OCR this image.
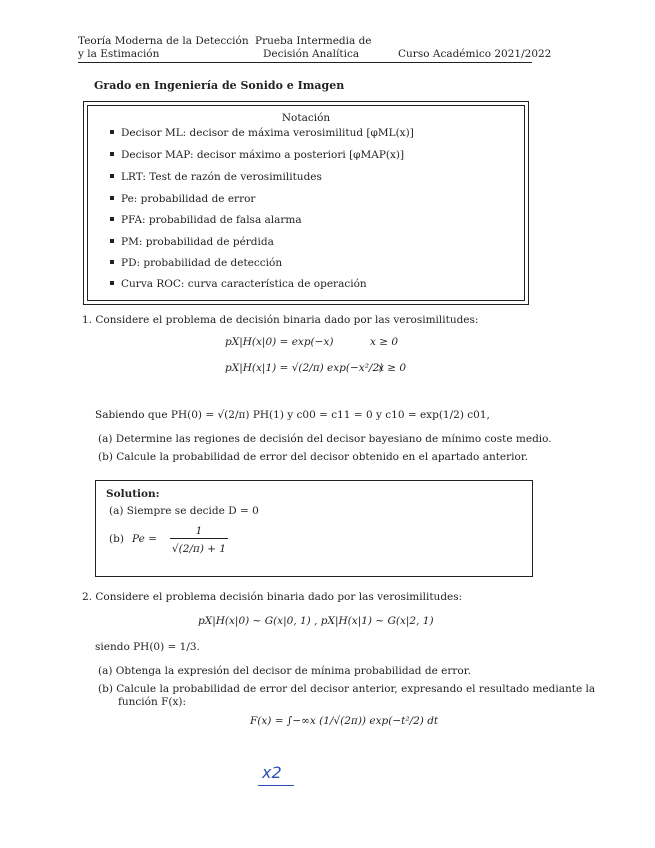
Teoría Moderna de la Detección
y la Estimación
Prueba Intermedia de
Decisión Analítica	Curso Académico 2021/2022
Grado en Ingeniería de Sonido e Imagen
Notación
Decisor ML: decisor de máxima verosimilitud [φML(x)]
Decisor MAP: decisor máximo a posteriori [φMAP(x)]
LRT: Test de razón de verosimilitudes
Pe: probabilidad de error
PFA: probabilidad de falsa alarma
PM: probabilidad de pérdida
PD: probabilidad de detección
Curva ROC: curva característica de operación
1. Considere el problema de decisión binaria dado por las verosimilitudes:
pX|H(x|0) = exp(−x)	x ≥ 0
pX|H(x|1) = √(2/π) exp(−x²/2)
x ≥ 0
Sabiendo que PH(0) = √(2/π) PH(1) y c00 = c11 = 0 y c10 = exp(1/2) c01,
(a) Determine las regiones de decisión del decisor bayesiano de mínimo coste medio.
(b) Calcule la probabilidad de error del decisor obtenido en el apartado anterior.
Solution:
(a) Siempre se decide D = 0
(b) Pe =
1
√(2/π) + 1
2. Considere el problema decisión binaria dado por las verosimilitudes:
pX|H(x|0) ∼ G(x|0, 1) , pX|H(x|1) ∼ G(x|2, 1)
siendo PH(0) = 1/3.
(a) Obtenga la expresión del decisor de mínima probabilidad de error.
(b) Calcule la probabilidad de error del decisor anterior, expresando el resultado mediante la
función F(x):
F(x) = ∫−∞x (1/√(2π)) exp(−t²/2) dt
x2
